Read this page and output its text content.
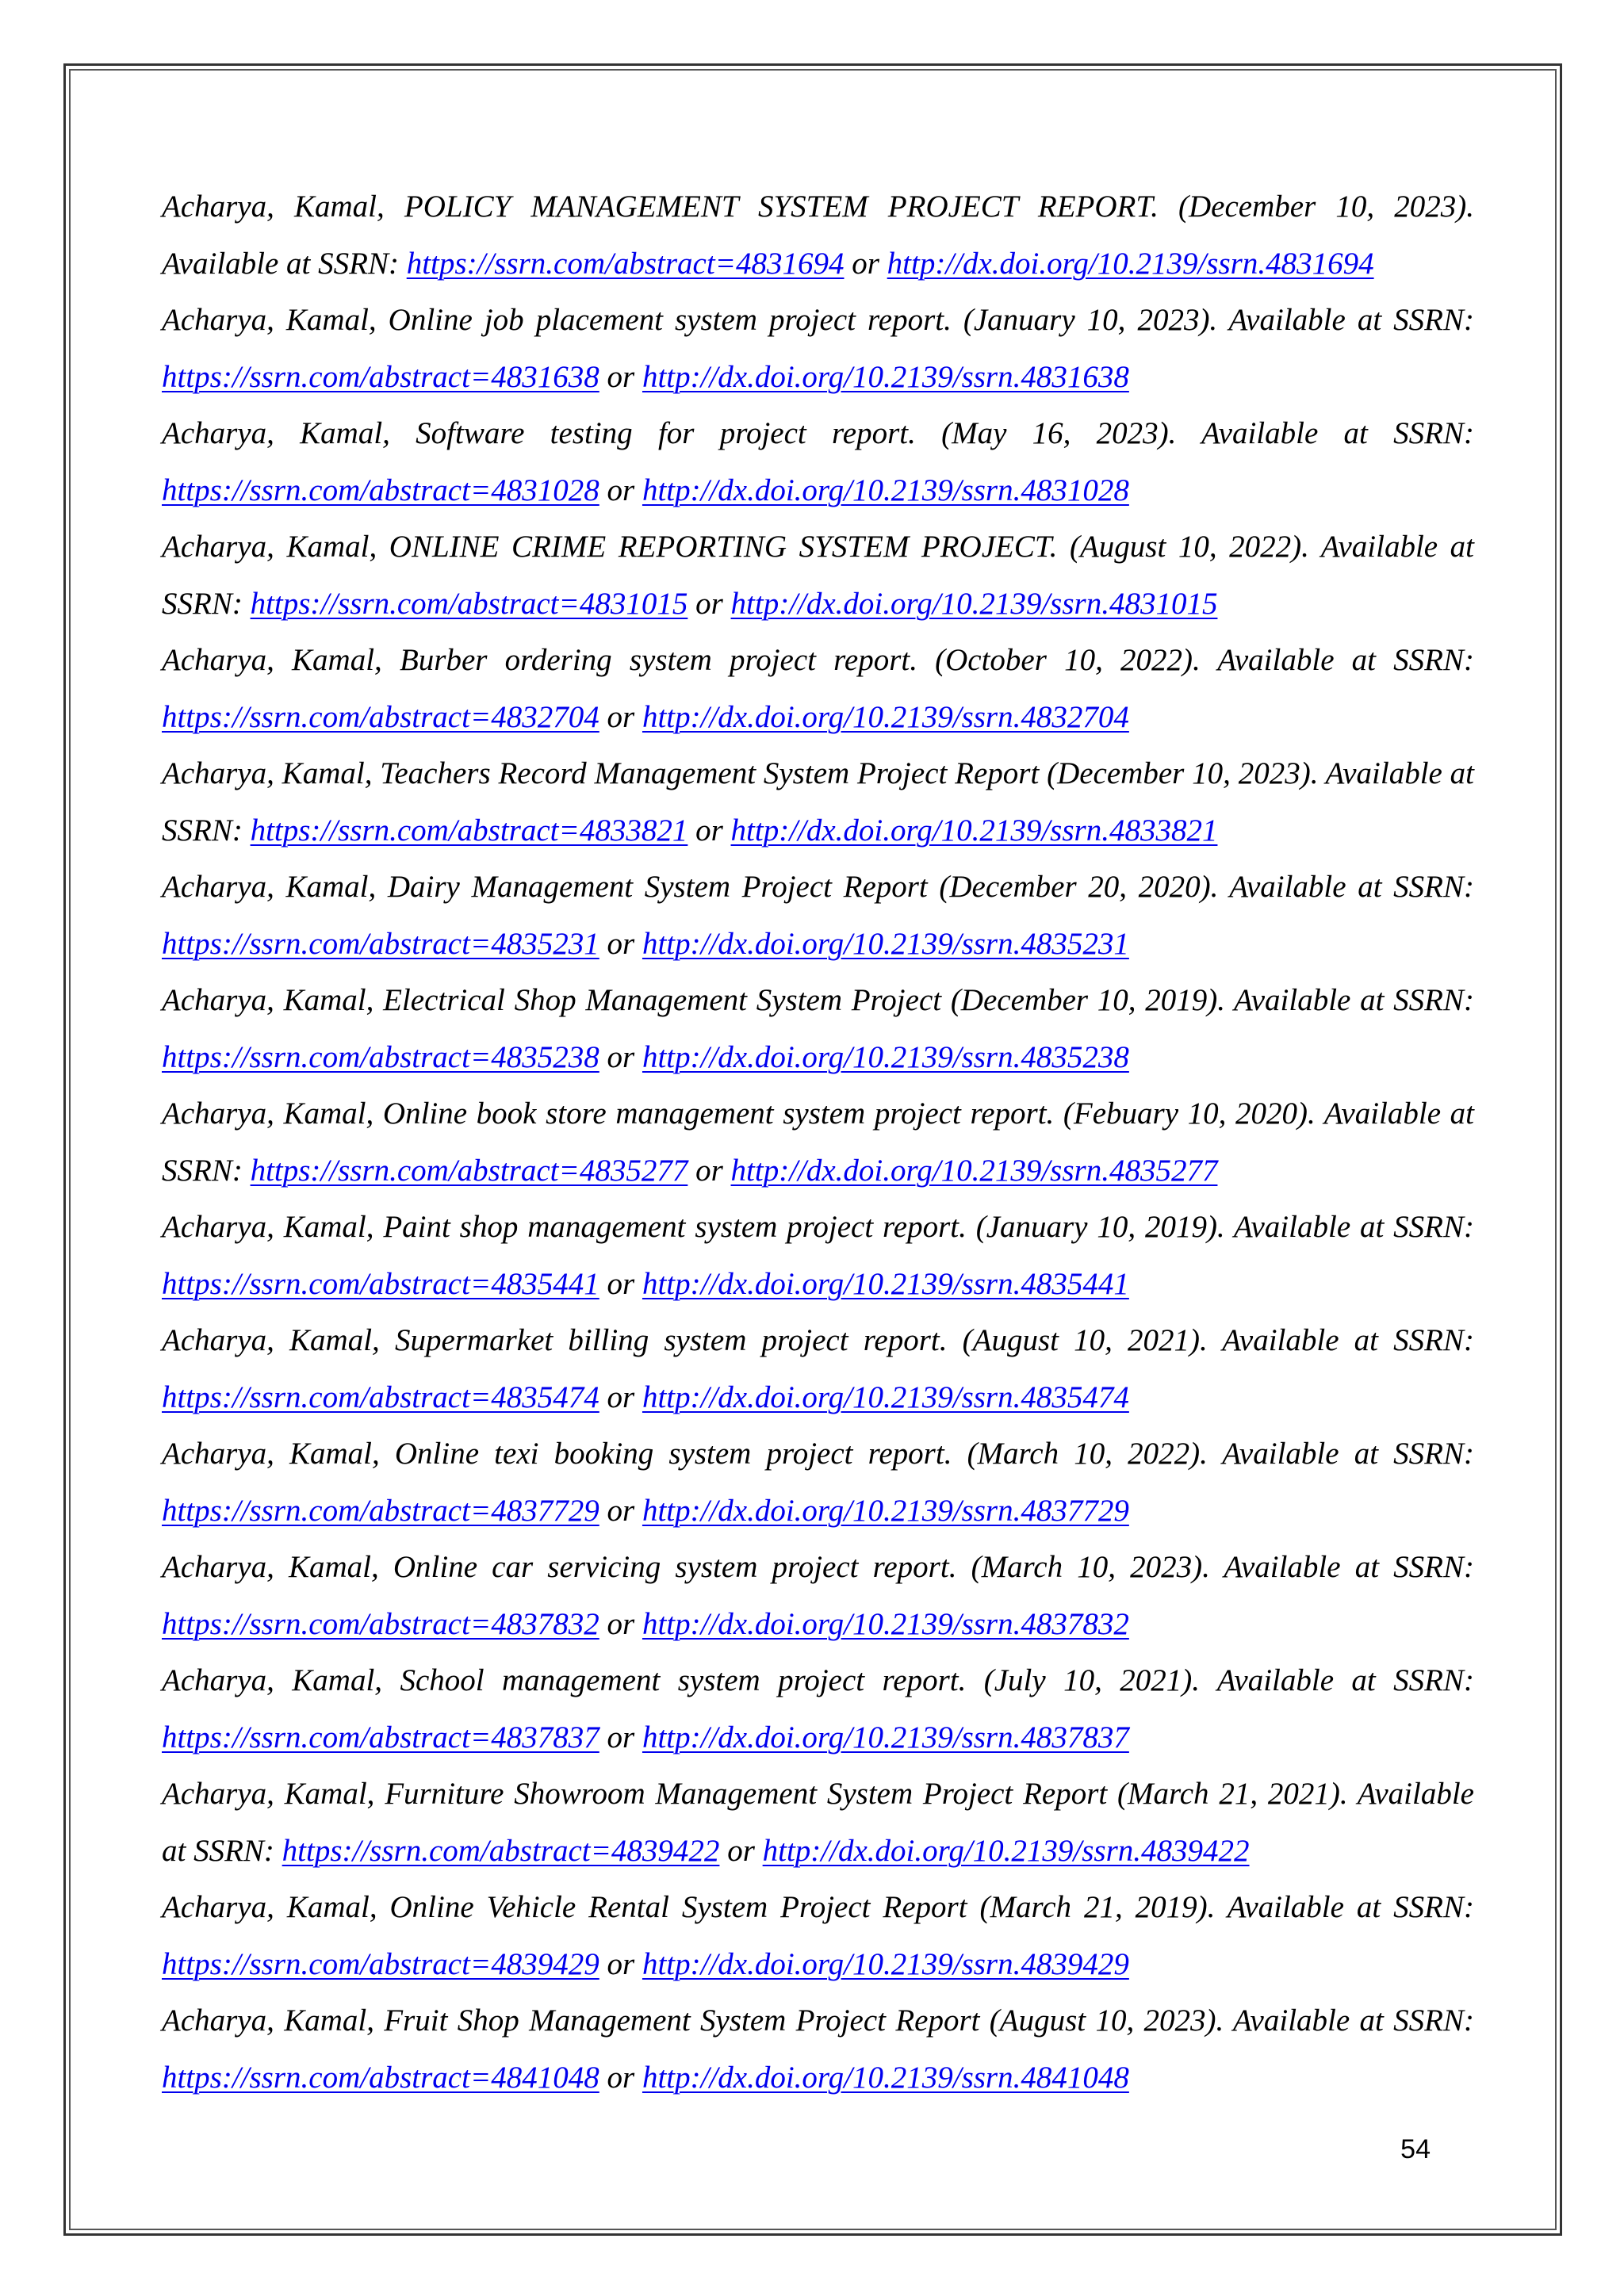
Acharya, Kamal, POLICY MANAGEMENT SYSTEM PROJECT REPORT. (December 10, 2023). Available at SSRN: https://ssrn.com/abstract=4831694 or http://dx.doi.org/10.2139/ssrn.4831694

Acharya, Kamal, Online job placement system project report. (January 10, 2023). Available at SSRN: https://ssrn.com/abstract=4831638 or http://dx.doi.org/10.2139/ssrn.4831638

Acharya, Kamal, Software testing for project report. (May 16, 2023). Available at SSRN: https://ssrn.com/abstract=4831028 or http://dx.doi.org/10.2139/ssrn.4831028

Acharya, Kamal, ONLINE CRIME REPORTING SYSTEM PROJECT. (August 10, 2022). Available at SSRN: https://ssrn.com/abstract=4831015 or http://dx.doi.org/10.2139/ssrn.4831015

Acharya, Kamal, Burber ordering system project report. (October 10, 2022). Available at SSRN: https://ssrn.com/abstract=4832704 or http://dx.doi.org/10.2139/ssrn.4832704

Acharya, Kamal, Teachers Record Management System Project Report (December 10, 2023). Available at SSRN: https://ssrn.com/abstract=4833821 or http://dx.doi.org/10.2139/ssrn.4833821

Acharya, Kamal, Dairy Management System Project Report (December 20, 2020). Available at SSRN: https://ssrn.com/abstract=4835231 or http://dx.doi.org/10.2139/ssrn.4835231

Acharya, Kamal, Electrical Shop Management System Project (December 10, 2019). Available at SSRN: https://ssrn.com/abstract=4835238 or http://dx.doi.org/10.2139/ssrn.4835238

Acharya, Kamal, Online book store management system project report. (Febuary 10, 2020). Available at SSRN: https://ssrn.com/abstract=4835277 or http://dx.doi.org/10.2139/ssrn.4835277

Acharya, Kamal, Paint shop management system project report. (January 10, 2019). Available at SSRN: https://ssrn.com/abstract=4835441 or http://dx.doi.org/10.2139/ssrn.4835441

Acharya, Kamal, Supermarket billing system project report. (August 10, 2021). Available at SSRN: https://ssrn.com/abstract=4835474 or http://dx.doi.org/10.2139/ssrn.4835474

Acharya, Kamal, Online texi booking system project report. (March 10, 2022). Available at SSRN: https://ssrn.com/abstract=4837729 or http://dx.doi.org/10.2139/ssrn.4837729

Acharya, Kamal, Online car servicing system project report. (March 10, 2023). Available at SSRN: https://ssrn.com/abstract=4837832 or http://dx.doi.org/10.2139/ssrn.4837832

Acharya, Kamal, School management system project report. (July 10, 2021). Available at SSRN: https://ssrn.com/abstract=4837837 or http://dx.doi.org/10.2139/ssrn.4837837

Acharya, Kamal, Furniture Showroom Management System Project Report (March 21, 2021). Available at SSRN: https://ssrn.com/abstract=4839422 or http://dx.doi.org/10.2139/ssrn.4839422

Acharya, Kamal, Online Vehicle Rental System Project Report (March 21, 2019). Available at SSRN: https://ssrn.com/abstract=4839429 or http://dx.doi.org/10.2139/ssrn.4839429

Acharya, Kamal, Fruit Shop Management System Project Report (August 10, 2023). Available at SSRN: https://ssrn.com/abstract=4841048 or http://dx.doi.org/10.2139/ssrn.4841048

54
